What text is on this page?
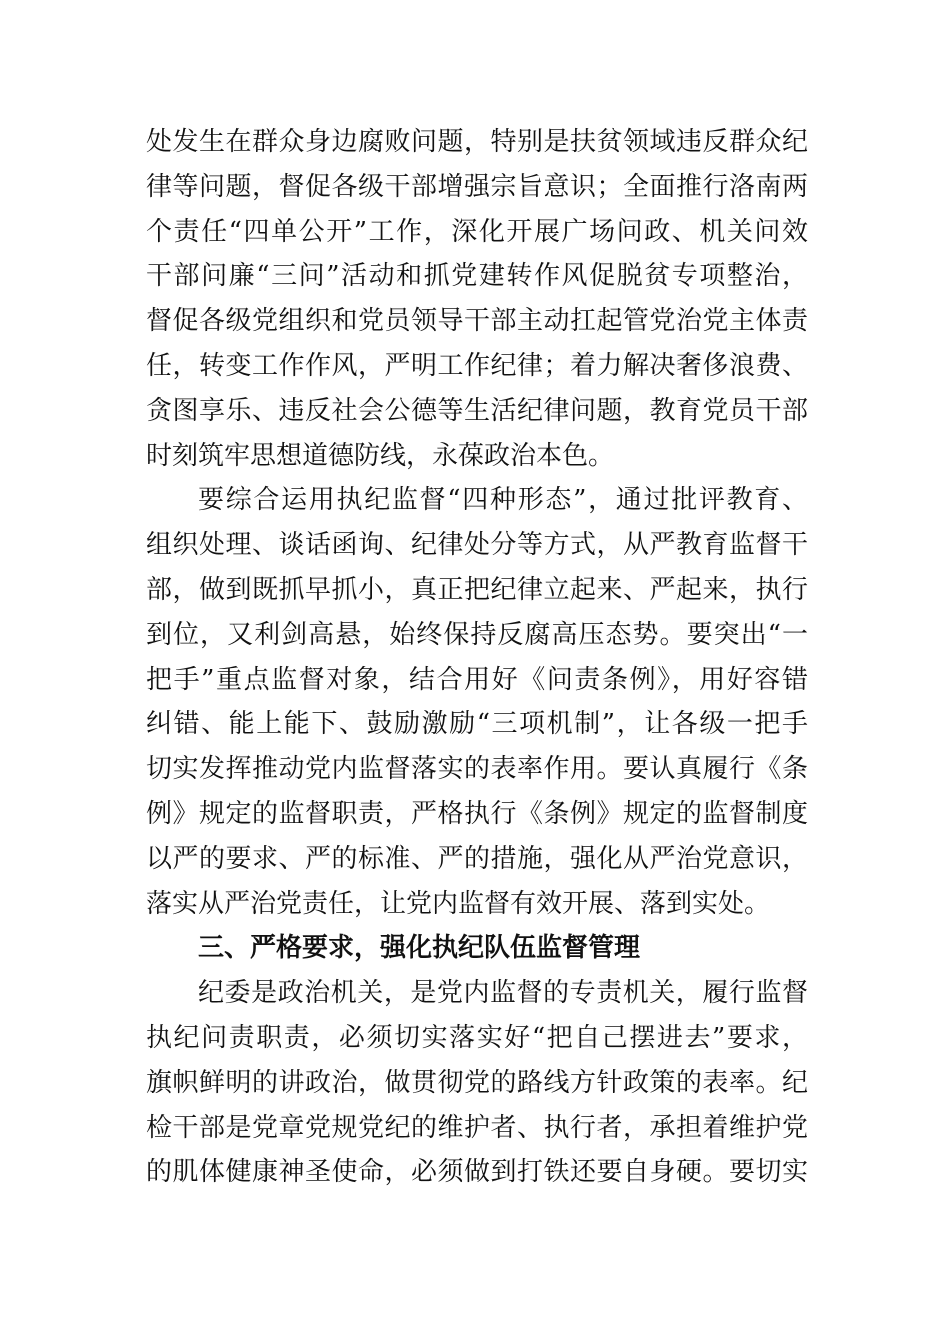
处发生在群众身边腐败问题，特别是扶贫领域违反群众纪
律等问题，督促各级干部增强宗旨意识；全面推行洛南两
个责任“四单公开”工作，深化开展广场问政、机关问效
干部问廉“三问”活动和抓党建转作风促脱贫专项整治，
督促各级党组织和党员领导干部主动扛起管党治党主体责
任，转变工作作风，严明工作纪律；着力解决奢侈浪费、
贪图享乐、违反社会公德等生活纪律问题，教育党员干部
时刻筑牢思想道德防线，永葆政治本色。
要综合运用执纪监督“四种形态”，通过批评教育、
组织处理、谈话函询、纪律处分等方式，从严教育监督干
部，做到既抓早抓小，真正把纪律立起来、严起来，执行
到位，又利剑高悬，始终保持反腐高压态势。要突出“一
把手”重点监督对象，结合用好《问责条例》，用好容错
纠错、能上能下、鼓励激励“三项机制”，让各级一把手
切实发挥推动党内监督落实的表率作用。要认真履行《条
例》规定的监督职责，严格执行《条例》规定的监督制度
以严的要求、严的标准、严的措施，强化从严治党意识，
落实从严治党责任，让党内监督有效开展、落到实处。
三、严格要求，强化执纪队伍监督管理
纪委是政治机关，是党内监督的专责机关，履行监督
执纪问责职责，必须切实落实好“把自己摆进去”要求，
旗帜鲜明的讲政治，做贯彻党的路线方针政策的表率。纪
检干部是党章党规党纪的维护者、执行者，承担着维护党
的肌体健康神圣使命，必须做到打铁还要自身硬。要切实
